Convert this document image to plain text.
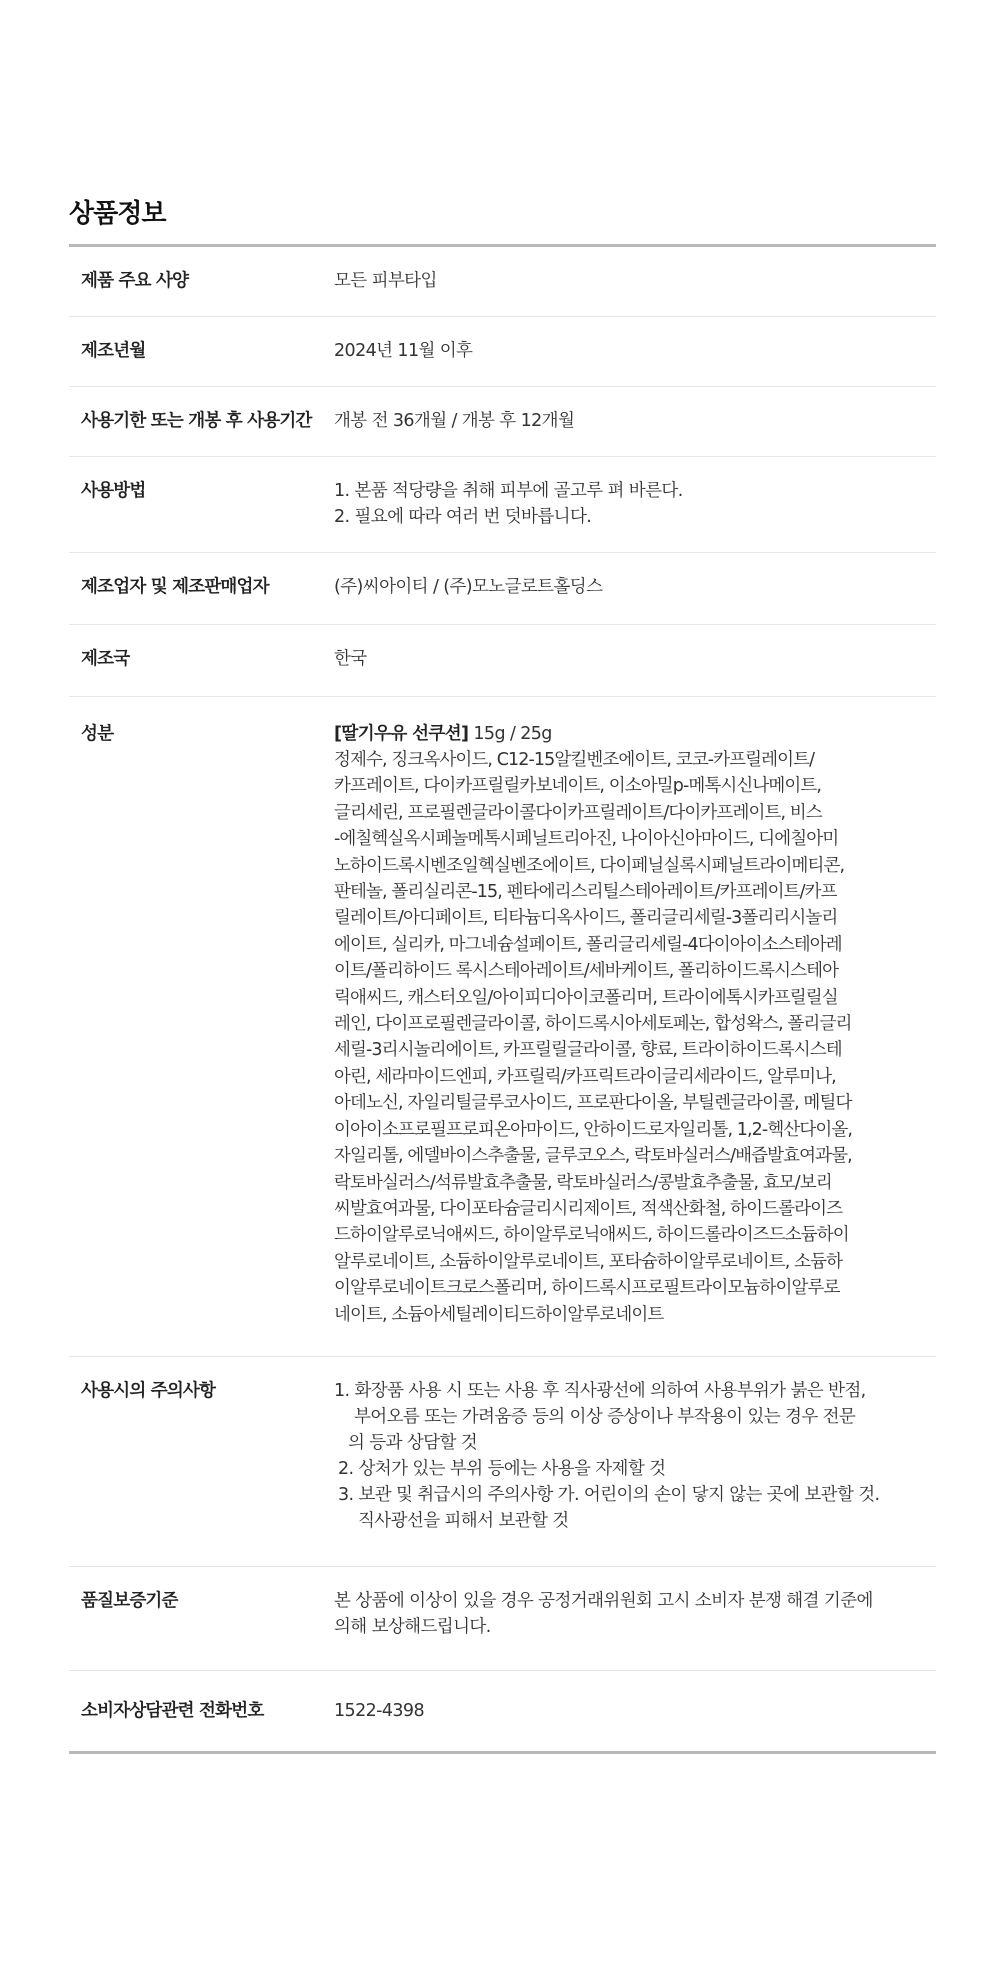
상품정보
제품 주요 사양	모든 피부타입
제조년월	2024년 11월 이후
사용기한 또는 개봉 후 사용기간	개봉 전 36개월 / 개봉 후 12개월
사용방법	1. 본품 적당량을 취해 피부에 골고루 펴 바른다.
2. 필요에 따라 여러 번 덧바릅니다.
제조업자 및 제조판매업자	(주)씨아이티 / (주)모노글로트홀딩스
제조국	한국
성분	[딸기우유 선쿠션] 15g / 25g

정제수, 징크옥사이드, C12-15알킬벤조에이트, 코코-카프릴레이트/
카프레이트, 다이카프릴릴카보네이트, 이소아밀p-메톡시신나메이트,
글리세린, 프로필렌글라이콜다이카프릴레이트/다이카프레이트, 비스
-에칠헥실옥시페놀메톡시페닐트리아진, 나이아신아마이드, 디에칠아미
노하이드록시벤조일헥실벤조에이트, 다이페닐실록시페닐트라이메티콘,
판테놀, 폴리실리콘-15, 펜타에리스리틸스테아레이트/카프레이트/카프
릴레이트/아디페이트, 티타늄디옥사이드, 폴리글리세릴-3폴리리시놀리
에이트, 실리카, 마그네슘설페이트, 폴리글리세릴-4다이아이소스테아레
이트/폴리하이드 록시스테아레이트/세바케이트, 폴리하이드록시스테아
릭애씨드, 캐스터오일/아이피디아이코폴리머, 트라이에톡시카프릴릴실
레인, 다이프로필렌글라이콜, 하이드록시아세토페논, 합성왁스, 폴리글리
세릴-3리시놀리에이트, 카프릴릴글라이콜, 향료, 트라이하이드록시스테
아린, 세라마이드엔피, 카프릴릭/카프릭트라이글리세라이드, 알루미나,
아데노신, 자일리틸글루코사이드, 프로판다이올, 부틸렌글라이콜, 메틸다
이아이소프로필프로피온아마이드, 안하이드로자일리톨, 1,2-헥산다이올,
자일리톨, 에델바이스추출물, 글루코오스, 락토바실러스/배즙발효여과물,
락토바실러스/석류발효추출물, 락토바실러스/콩발효추출물, 효모/보리
씨발효여과물, 다이포타슘글리시리제이트, 적색산화철, 하이드롤라이즈
드하이알루로닉애씨드, 하이알루로닉애씨드, 하이드롤라이즈드소듐하이
알루로네이트, 소듐하이알루로네이트, 포타슘하이알루로네이트, 소듐하
이알루로네이트크로스폴리머, 하이드록시프로필트라이모늄하이알루로
네이트, 소듐아세틸레이티드하이알루로네이트
사용시의 주의사항	1. 화장품 사용 시 또는 사용 후 직사광선에 의하여 사용부위가 붉은 반점,
부어오름 또는 가려움증 등의 이상 증상이나 부작용이 있는 경우 전문
의 등과 상담할 것
2. 상처가 있는 부위 등에는 사용을 자제할 것
3. 보관 및 취급시의 주의사항 가. 어린이의 손이 닿지 않는 곳에 보관할 것.
직사광선을 피해서 보관할 것
품질보증기준	본 상품에 이상이 있을 경우 공정거래위원회 고시 소비자 분쟁 해결 기준에
의해 보상해드립니다.
소비자상담관련 전화번호	1522-4398
